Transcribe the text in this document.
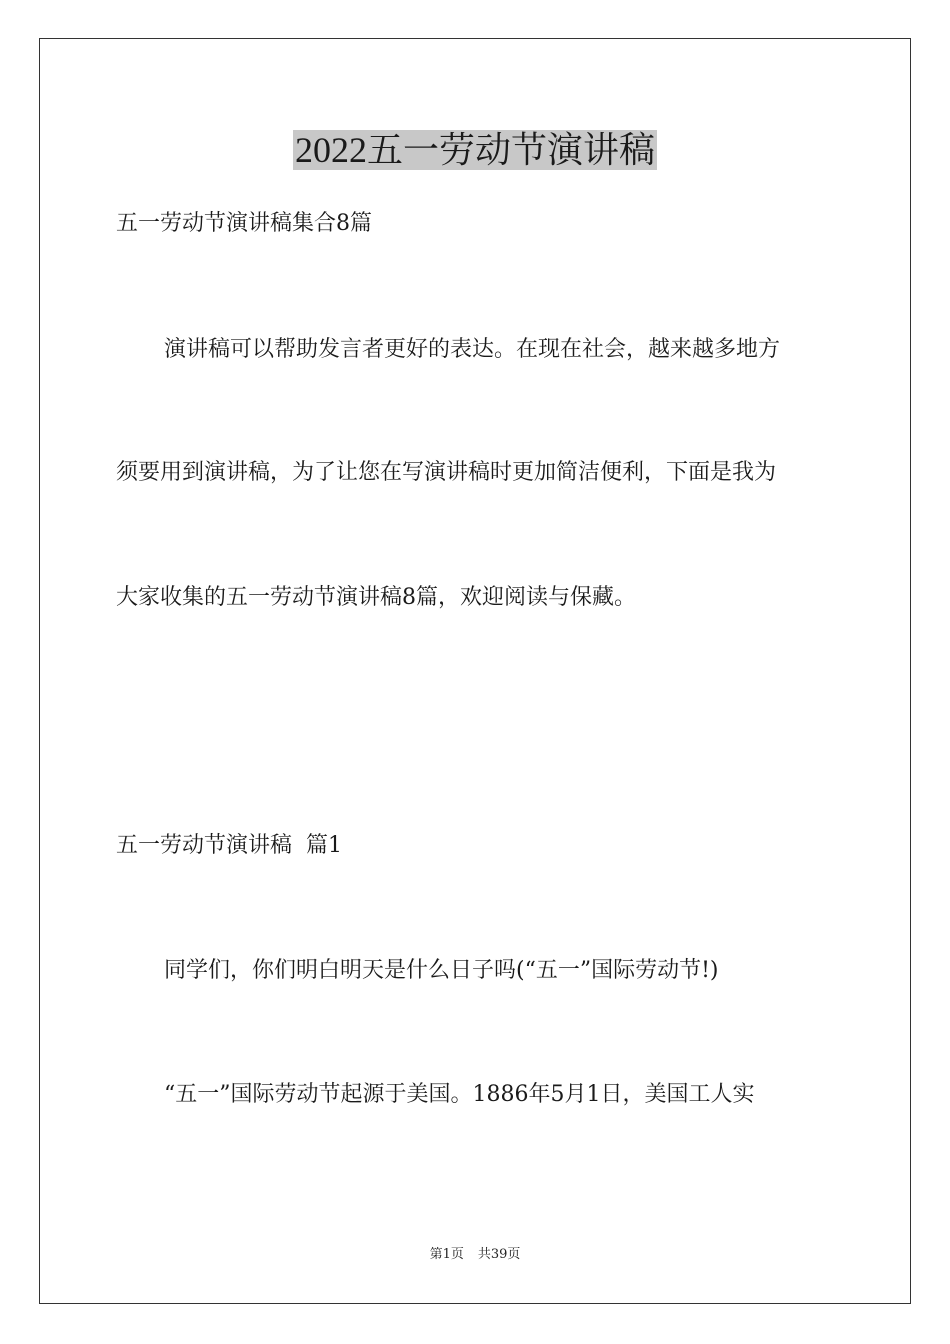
2022五一劳动节演讲稿

五一劳动节演讲稿集合8篇

演讲稿可以帮助发言者更好的表达。在现在社会，越来越多地方

须要用到演讲稿，为了让您在写演讲稿时更加简洁便利，下面是我为

大家收集的五一劳动节演讲稿8篇，欢迎阅读与保藏。

五一劳动节演讲稿  篇1

同学们，你们明白明天是什么日子吗(“五一”国际劳动节!)

“五一”国际劳动节起源于美国。1886年5月1日，美国工人实

第1页 共39页
